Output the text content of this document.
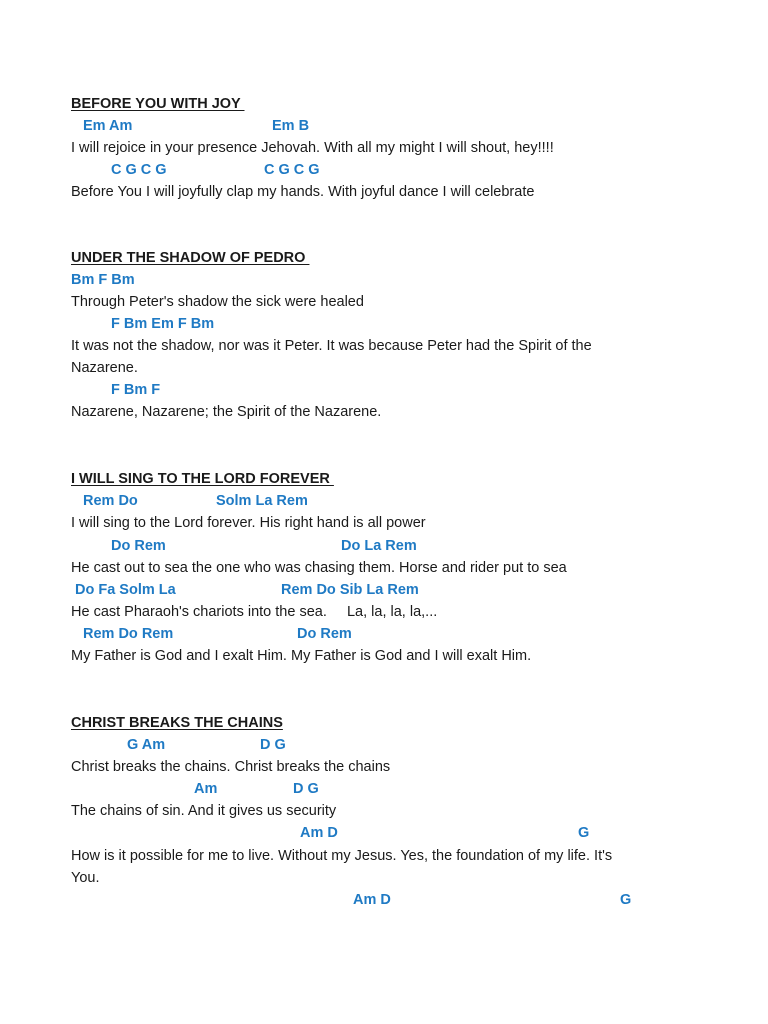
BEFORE YOU WITH JOY
Em Am	Em B
I will rejoice in your presence Jehovah. With all my might I will shout, hey!!!!
C G C G	C G C G
Before You I will joyfully clap my hands. With joyful dance I will celebrate
UNDER THE SHADOW OF PEDRO
Bm F Bm
Through Peter's shadow the sick were healed
F Bm Em F Bm
It was not the shadow, nor was it Peter. It was because Peter had the Spirit of the
Nazarene.
F Bm F
Nazarene, Nazarene; the Spirit of the Nazarene.
I WILL SING TO THE LORD FOREVER
Rem Do	Solm La Rem
I will sing to the Lord forever. His right hand is all power
Do Rem	Do La Rem
He cast out to sea the one who was chasing them. Horse and rider put to sea
Do Fa Solm La	Rem Do Sib La Rem
He cast Pharaoh's chariots into the sea.     La, la, la, la,...
Rem Do Rem	Do Rem
My Father is God and I exalt Him. My Father is God and I will exalt Him.
CHRIST BREAKS THE CHAINS
G Am	D G
Christ breaks the chains. Christ breaks the chains
Am	D G
The chains of sin. And it gives us security
Am D	G
How is it possible for me to live. Without my Jesus. Yes, the foundation of my life. It's
You.
Am D	G
